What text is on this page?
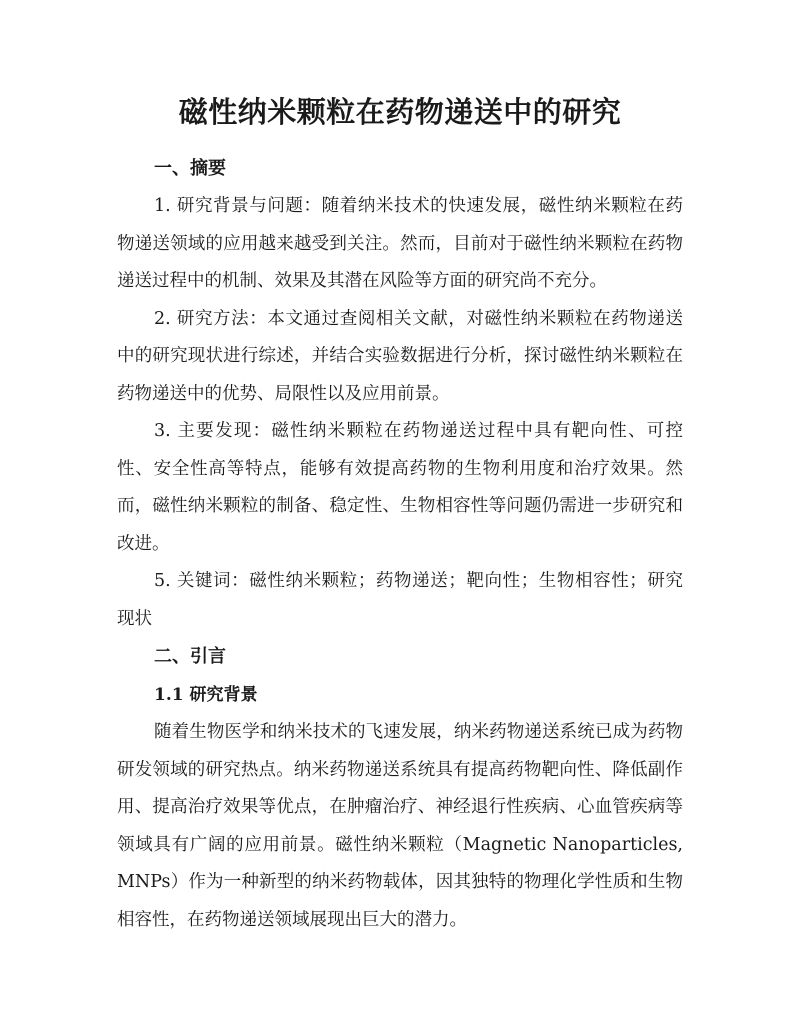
磁性纳米颗粒在药物递送中的研究
一、摘要

1. 研究背景与问题：随着纳米技术的快速发展，磁性纳米颗粒在药物递送领域的应用越来越受到关注。然而，目前对于磁性纳米颗粒在药物递送过程中的机制、效果及其潜在风险等方面的研究尚不充分。

2. 研究方法：本文通过查阅相关文献，对磁性纳米颗粒在药物递送中的研究现状进行综述，并结合实验数据进行分析，探讨磁性纳米颗粒在药物递送中的优势、局限性以及应用前景。

3. 主要发现：磁性纳米颗粒在药物递送过程中具有靶向性、可控性、安全性高等特点，能够有效提高药物的生物利用度和治疗效果。然而，磁性纳米颗粒的制备、稳定性、生物相容性等问题仍需进一步研究和改进。

5. 关键词：磁性纳米颗粒；药物递送；靶向性；生物相容性；研究现状

二、引言
1.1 研究背景

随着生物医学和纳米技术的飞速发展，纳米药物递送系统已成为药物研发领域的研究热点。纳米药物递送系统具有提高药物靶向性、降低副作用、提高治疗效果等优点，在肿瘤治疗、神经退行性疾病、心血管疾病等领域具有广阔的应用前景。磁性纳米颗粒（Magnetic Nanoparticles, MNPs）作为一种新型的纳米药物载体，因其独特的物理化学性质和生物相容性，在药物递送领域展现出巨大的潜力。
